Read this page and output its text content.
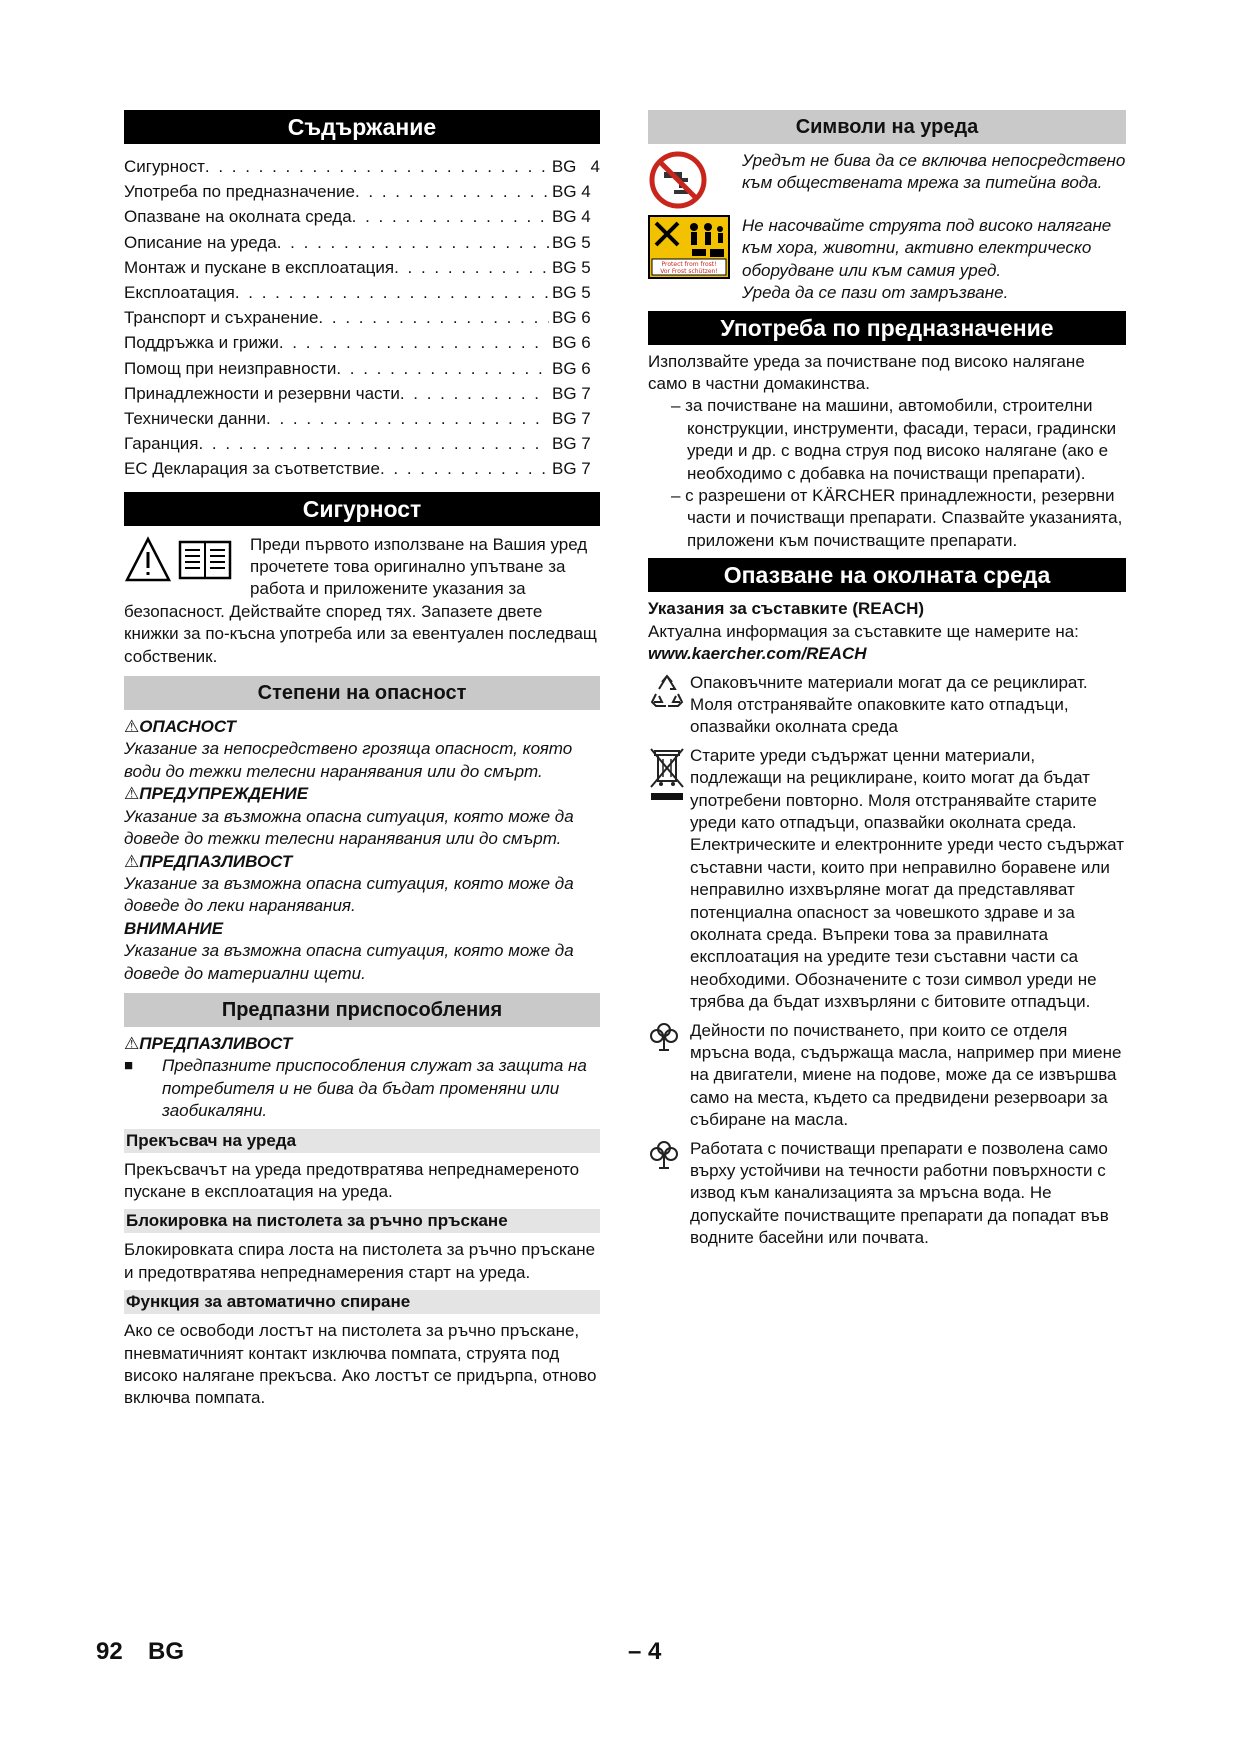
Съдържание
Сигурност . . .	BG   4
Употреба по предназначение . . .	BG 4
Опазване на околната среда . . .	BG 4
Описание на уреда . . .	BG 5
Монтаж и пускане в експлоатация . . .	BG 5
Експлоатация . . .	BG 5
Транспорт и съхранение . . .	BG 6
Поддръжка и грижи . . .	BG 6
Помощ при неизправности . . .	BG 6
Принадлежности и резервни части . . .	BG 7
Технически данни . . .	BG 7
Гаранция . . .	BG 7
ЕС Декларация за съответствие . . .	BG 7
Сигурност
Преди първото използване на Вашия уред прочетете това оригинално упътване за работа и приложените указания за безопасност. Действайте според тях. Запазете двете книжки за по-късна употреба или за евентуален последващ собственик.
Степени на опасност
⚠ОПАСНОСТ
Указание за непосредствено грозяща опасност, която води до тежки телесни наранявания или до смърт.
⚠ПРЕДУПРЕЖДЕНИЕ
Указание за възможна опасна ситуация, която може да доведе до тежки телесни наранявания или до смърт.
⚠ПРЕДПАЗЛИВОСТ
Указание за възможна опасна ситуация, която може да доведе до леки наранявания.
ВНИМАНИЕ
Указание за възможна опасна ситуация, която може да доведе до материални щети.
Предпазни приспособления
⚠ПРЕДПАЗЛИВОСТ
■	Предпазните приспособления служат за защита на потребителя и не бива да бъдат променяни или заобикаляни.
Прекъсвач на уреда
Прекъсвачът на уреда предотвратява непреднамереното пускане в експлоатация на уреда.
Блокировка на пистолета за ръчно пръскане
Блокировката спира лоста на пистолета за ръчно пръскане и предотвратява непреднамерения старт на уреда.
Функция за автоматично спиране
Ако се освободи лостът на пистолета за ръчно пръскане, пневматичният контакт изключва помпата, струята под високо налягане прекъсва. Ако лостът се придърпа, отново включва помпата.
Символи на уреда
Уредът не бива да се включва непосредствено към обществената мрежа за питейна вода.
Protect from frost!
Vor Frost schützen!
Не насочвайте струята под високо налягане към хора, животни, активно електрическо оборудване или към самия уред.
Уреда да се пази от замръзване.
Употреба по предназначение
Използвайте уреда за почистване под високо налягане само в частни домакинства.
– за почистване на машини, автомобили, строителни конструкции, инструменти, фасади, тераси, градински уреди и др. с водна струя под високо налягане (ако е необходимо с добавка на почистващи препарати).
– с разрешени от KÄRCHER принадлежности, резервни части и почистващи препарати. Спазвайте указанията, приложени към почистващите препарати.
Опазване на околната среда
Указания за съставките (REACH)
Актуална информация за съставките ще намерите на:
www.kaercher.com/REACH
Опаковъчните материали могат да се рециклират. Моля отстранявайте опаковките като отпадъци, опазвайки околната среда
Старите уреди съдържат ценни материали, подлежащи на рециклиране, които могат да бъдат употребени повторно. Моля отстранявайте старите уреди като отпадъци, опазвайки околната среда.
Електрическите и електронните уреди често съдържат съставни части, които при неправилно боравене или неправилно изхвърляне могат да представляват потенциална опасност за човешкото здраве и за околната среда. Въпреки това за правилната експлоатация на уредите тези съставни части са необходими. Обозначените с този символ уреди не трябва да бъдат изхвърляни с битовите отпадъци.
Дейности по почистването, при които се отделя мръсна вода, съдържаща масла, например при миене на двигатели, миене на подове, може да се извършва само на места, където са предвидени резервоари за събиране на масла.
Работата с почистващи препарати е позволена само върху устойчиви на течности работни повърхности с извод към канализацията за мръсна вода. Не допускайте почистващите препарати да попадат във водните басейни или почвата.
92 BG	– 4
